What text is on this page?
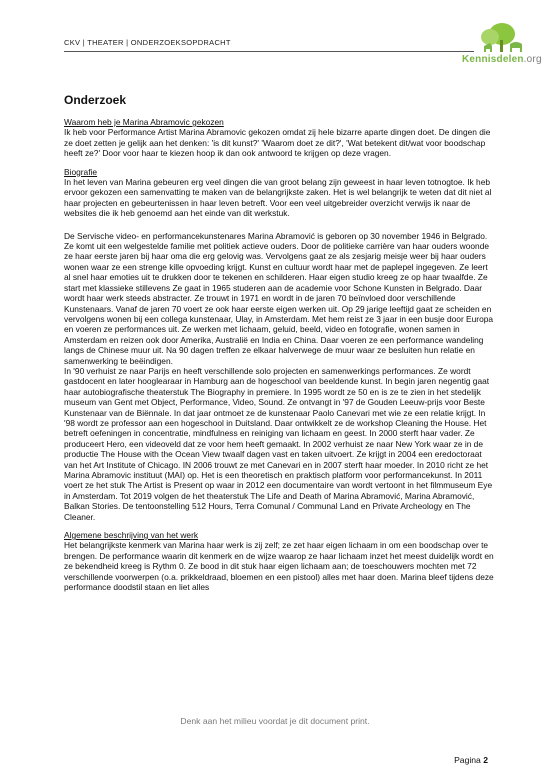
CKV | THEATER | ONDERZOEKSOPDRACHT
Kennisdelen.org
Onderzoek

Waarom heb je Marina Abramovic gekozen

Ik heb voor Performance Artist Marina Abramovic gekozen omdat zij hele bizarre aparte dingen doet. De dingen die ze doet zetten je gelijk aan het denken: 'is dit kunst?' 'Waarom doet ze dit?', 'Wat betekent dit/wat voor boodschap heeft ze?' Door voor haar te kiezen hoop ik dan ook antwoord te krijgen op deze vragen.

Biografie

In het leven van Marina gebeuren erg veel dingen die van groot belang zijn geweest in haar leven totnogtoe. Ik heb ervoor gekozen een samenvatting te maken van de belangrijkste zaken. Het is wel belangrijk te weten dat dit niet al haar projecten en gebeurtenissen in haar leven betreft. Voor een veel uitgebreider overzicht verwijs ik naar de websites die ik heb genoemd aan het einde van dit werkstuk.

De Servische video- en performancekunstenares Marina Abramović is geboren op 30 november 1946 in Belgrado. Ze komt uit een welgestelde familie met politiek actieve ouders. Door de politieke carrière van haar ouders woonde ze haar eerste jaren bij haar oma die erg gelovig was. Vervolgens gaat ze als zesjarig meisje weer bij haar ouders wonen waar ze een strenge kille opvoeding krijgt. Kunst en cultuur wordt haar met de paplepel ingegeven. Ze leert al snel haar emoties uit te drukken door te tekenen en schilderen. Haar eigen studio kreeg ze op haar twaalfde. Ze start met klassieke stillevens Ze gaat in 1965 studeren aan de academie voor Schone Kunsten in Belgrado. Daar wordt haar werk steeds abstracter. Ze trouwt in 1971 en wordt in de jaren 70 beïnvloed door verschillende Kunstenaars. Vanaf de jaren 70 voert ze ook haar eerste eigen werken uit. Op 29 jarige leeftijd gaat ze scheiden en vervolgens wonen bij een collega kunstenaar, Ulay, in Amsterdam. Met hem reist ze 3 jaar in een busje door Europa en voeren ze performances uit. Ze werken met lichaam, geluid, beeld, video en fotografie, wonen samen in Amsterdam en reizen ook door Amerika, Australië en India en China. Daar voeren ze een performance wandeling langs de Chinese muur uit. Na 90 dagen treffen ze elkaar halverwege de muur waar ze besluiten hun relatie en samenwerking te beëindigen.

In '90 verhuist ze naar Parijs en heeft verschillende solo projecten en samenwerkings performances. Ze wordt gastdocent en later hooglearaar in Hamburg aan de hogeschool van beeldende kunst. In begin jaren negentig gaat haar autobiografische theaterstuk The Biography in premiere. In 1995 wordt ze 50 en is ze te zien in het stedelijk museum van Gent met Object, Performance, Video, Sound. Ze ontvangt in '97 de Gouden Leeuw-prijs voor Beste Kunstenaar van de Biënnale. In dat jaar ontmoet ze de kunstenaar Paolo Canevari met wie ze een relatie krijgt. In '98 wordt ze professor aan een hogeschool in Duitsland. Daar ontwikkelt ze de workshop Cleaning the House. Het betreft oefeningen in concentratie, mindfulness en reiniging van lichaam en geest. In 2000 sterft haar vader. Ze produceert Hero, een videoveld dat ze voor hem heeft gemaakt. In 2002 verhuist ze naar New York waar ze in de productie The House with the Ocean View twaalf dagen vast en taken uitvoert. Ze krijgt in 2004 een eredoctoraat van het Art Institute of Chicago. IN 2006 trouwt ze met Canevari en in 2007 sterft haar moeder. In 2010 richt ze het Marina Abramovic instituut (MAI) op. Het is een theoretisch en praktisch platform voor performancekunst. In 2011 voert ze het stuk The Artist is Present op waar in 2012 een documentaire van wordt vertoont in het filmmuseum Eye in Amsterdam. Tot 2019 volgen de het theaterstuk The Life and Death of Marina Abramović, Marina Abramović, Balkan Stories. De tentoonstelling 512 Hours, Terra Comunal / Communal Land en Private Archeology en The Cleaner.

Algemene beschrijving van het werk

Het belangrijkste kenmerk van Marina haar werk is zij zelf; ze zet haar eigen lichaam in om een boodschap over te brengen. De performance waarin dit kenmerk en de wijze waarop ze haar lichaam inzet het meest duidelijk wordt en ze bekendheid kreeg is Rythm 0. Ze bood in dit stuk haar eigen lichaam aan; de toeschouwers mochten met 72 verschillende voorwerpen (o.a. prikkeldraad, bloemen en een pistool) alles met haar doen. Marina bleef tijdens deze performance doodstil staan en liet alles

Denk aan het milieu voordat je dit document print.
Pagina 2
